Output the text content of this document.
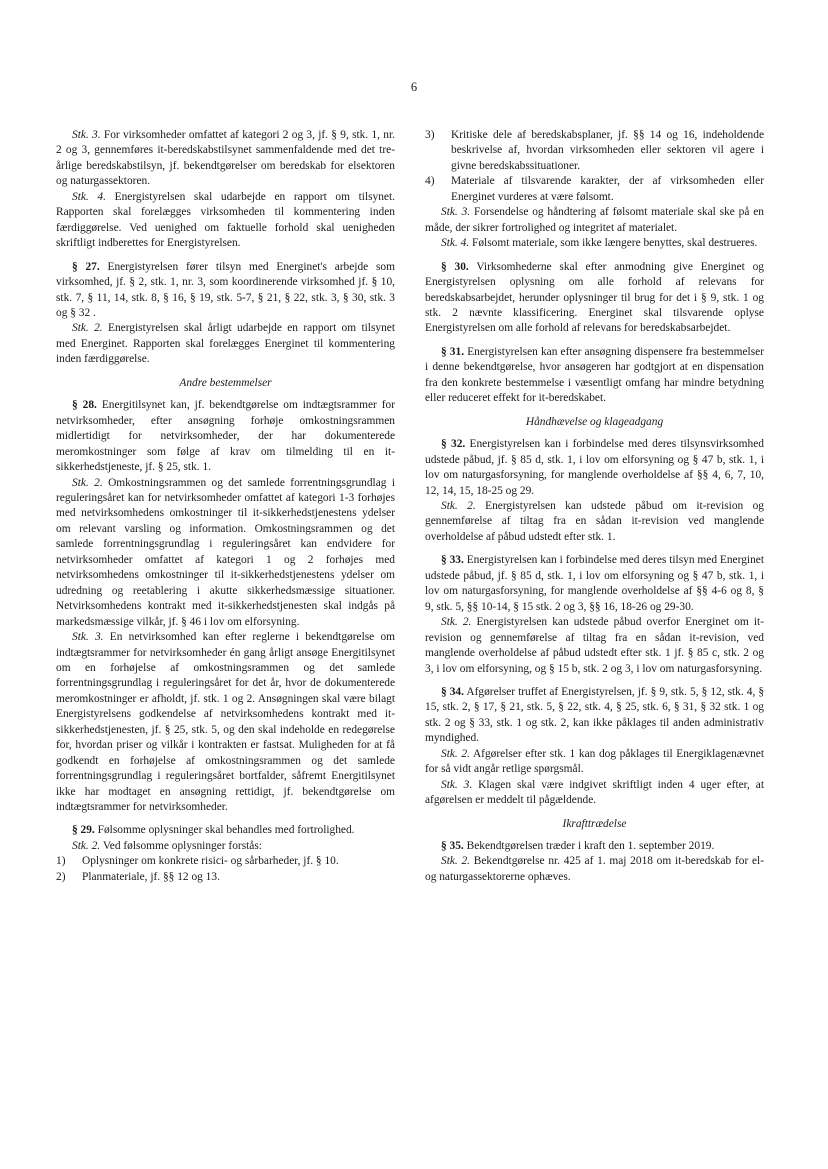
6

Stk. 3. For virksomheder omfattet af kategori 2 og 3, jf. § 9, stk. 1, nr. 2 og 3, gennemføres it-beredskabstilsynet sammenfaldende med det tre-årlige beredskabstilsyn, jf. bekendtgørelser om beredskab for elsektoren og naturgassektoren.

Stk. 4. Energistyrelsen skal udarbejde en rapport om tilsynet. Rapporten skal forelægges virksomheden til kommentering inden færdiggørelse. Ved uenighed om faktuelle forhold skal uenigheden skriftligt indberettes for Energistyrelsen.

§ 27. Energistyrelsen fører tilsyn med Energinet's arbejde som virksomhed, jf. § 2, stk. 1, nr. 3, som koordinerende virksomhed jf. § 10, stk. 7, § 11, 14, stk. 8, § 16, § 19, stk. 5-7, § 21, § 22, stk. 3, § 30, stk. 3 og § 32 .

Stk. 2. Energistyrelsen skal årligt udarbejde en rapport om tilsynet med Energinet. Rapporten skal forelægges Energinet til kommentering inden færdiggørelse.

Andre bestemmelser

§ 28. Energitilsynet kan, jf. bekendtgørelse om indtægtsrammer for netvirksomheder, efter ansøgning forhøje omkostningsrammen midlertidigt for netvirksomheder, der har dokumenterede meromkostninger som følge af krav om tilmelding til en it-sikkerhedstjeneste, jf. § 25, stk. 1.

Stk. 2. Omkostningsrammen og det samlede forrentningsgrundlag i reguleringsåret kan for netvirksomheder omfattet af kategori 1-3 forhøjes med netvirksomhedens omkostninger til it-sikkerhedstjenestens ydelser om relevant varsling og information. Omkostningsrammen og det samlede forrentningsgrundlag i reguleringsåret kan endvidere for netvirksomheder omfattet af kategori 1 og 2 forhøjes med netvirksomhedens omkostninger til it-sikkerhedstjenestens ydelser om udredning og reetablering i akutte sikkerhedsmæssige situationer. Netvirksomhedens kontrakt med it-sikkerhedstjenesten skal indgås på markedsmæssige vilkår, jf. § 46 i lov om elforsyning.

Stk. 3. En netvirksomhed kan efter reglerne i bekendtgørelse om indtægtsrammer for netvirksomheder én gang årligt ansøge Energitilsynet om en forhøjelse af omkostningsrammen og det samlede forrentningsgrundlag i reguleringsåret for det år, hvor de dokumenterede meromkostninger er afholdt, jf. stk. 1 og 2. Ansøgningen skal være bilagt Energistyrelsens godkendelse af netvirksomhedens kontrakt med it-sikkerhedstjenesten, jf. § 25, stk. 5, og den skal indeholde en redegørelse for, hvordan priser og vilkår i kontrakten er fastsat. Muligheden for at få godkendt en forhøjelse af omkostningsrammen og det samlede forrentningsgrundlag i reguleringsåret bortfalder, såfremt Energitilsynet ikke har modtaget en ansøgning rettidigt, jf. bekendtgørelse om indtægtsrammer for netvirksomheder.

§ 29. Følsomme oplysninger skal behandles med fortrolighed.

Stk. 2. Ved følsomme oplysninger forstås:

1)	Oplysninger om konkrete risici- og sårbarheder, jf. § 10.
2)	Planmateriale, jf. §§ 12 og 13.
3)	Kritiske dele af beredskabsplaner, jf. §§ 14 og 16, indeholdende beskrivelse af, hvordan virksomheden eller sektoren vil agere i givne beredskabssituationer.
4)	Materiale af tilsvarende karakter, der af virksomheden eller Energinet vurderes at være følsomt.

Stk. 3. Forsendelse og håndtering af følsomt materiale skal ske på en måde, der sikrer fortrolighed og integritet af materialet.

Stk. 4. Følsomt materiale, som ikke længere benyttes, skal destrueres.

§ 30. Virksomhederne skal efter anmodning give Energinet og Energistyrelsen oplysning om alle forhold af relevans for beredskabsarbejdet, herunder oplysninger til brug for det i § 9, stk. 1 og stk. 2 nævnte klassificering. Energinet skal tilsvarende oplyse Energistyrelsen om alle forhold af relevans for beredskabsarbejdet.

§ 31. Energistyrelsen kan efter ansøgning dispensere fra bestemmelser i denne bekendtgørelse, hvor ansøgeren har godtgjort at en dispensation fra den konkrete bestemmelse i væsentligt omfang har mindre betydning eller reduceret effekt for it-beredskabet.

Håndhævelse og klageadgang

§ 32. Energistyrelsen kan i forbindelse med deres tilsynsvirksomhed udstede påbud, jf. § 85 d, stk. 1, i lov om elforsyning og § 47 b, stk. 1, i lov om naturgasforsyning, for manglende overholdelse af §§ 4, 6, 7, 10, 12, 14, 15, 18-25 og 29.

Stk. 2. Energistyrelsen kan udstede påbud om it-revision og gennemførelse af tiltag fra en sådan it-revision ved manglende overholdelse af påbud udstedt efter stk. 1.

§ 33. Energistyrelsen kan i forbindelse med deres tilsyn med Energinet udstede påbud, jf. § 85 d, stk. 1, i lov om elforsyning og § 47 b, stk. 1, i lov om naturgasforsyning, for manglende overholdelse af §§ 4-6 og 8, § 9, stk. 5, §§ 10-14, § 15 stk. 2 og 3, §§ 16, 18-26 og 29-30.

Stk. 2. Energistyrelsen kan udstede påbud overfor Energinet om it-revision og gennemførelse af tiltag fra en sådan it-revision, ved manglende overholdelse af påbud udstedt efter stk. 1 jf. § 85 c, stk. 2 og 3, i lov om elforsyning, og § 15 b, stk. 2 og 3, i lov om naturgasforsyning.

§ 34. Afgørelser truffet af Energistyrelsen, jf. § 9, stk. 5, § 12, stk. 4, § 15, stk. 2, § 17, § 21, stk. 5, § 22, stk. 4, § 25, stk. 6, § 31, § 32 stk. 1 og stk. 2 og § 33, stk. 1 og stk. 2, kan ikke påklages til anden administrativ myndighed.

Stk. 2. Afgørelser efter stk. 1 kan dog påklages til Energiklagenævnet for så vidt angår retlige spørgsmål.

Stk. 3. Klagen skal være indgivet skriftligt inden 4 uger efter, at afgørelsen er meddelt til pågældende.

Ikrafttrædelse

§ 35. Bekendtgørelsen træder i kraft den 1. september 2019.

Stk. 2. Bekendtgørelse nr. 425 af 1. maj 2018 om it-beredskab for el-og naturgassektorerne ophæves.
